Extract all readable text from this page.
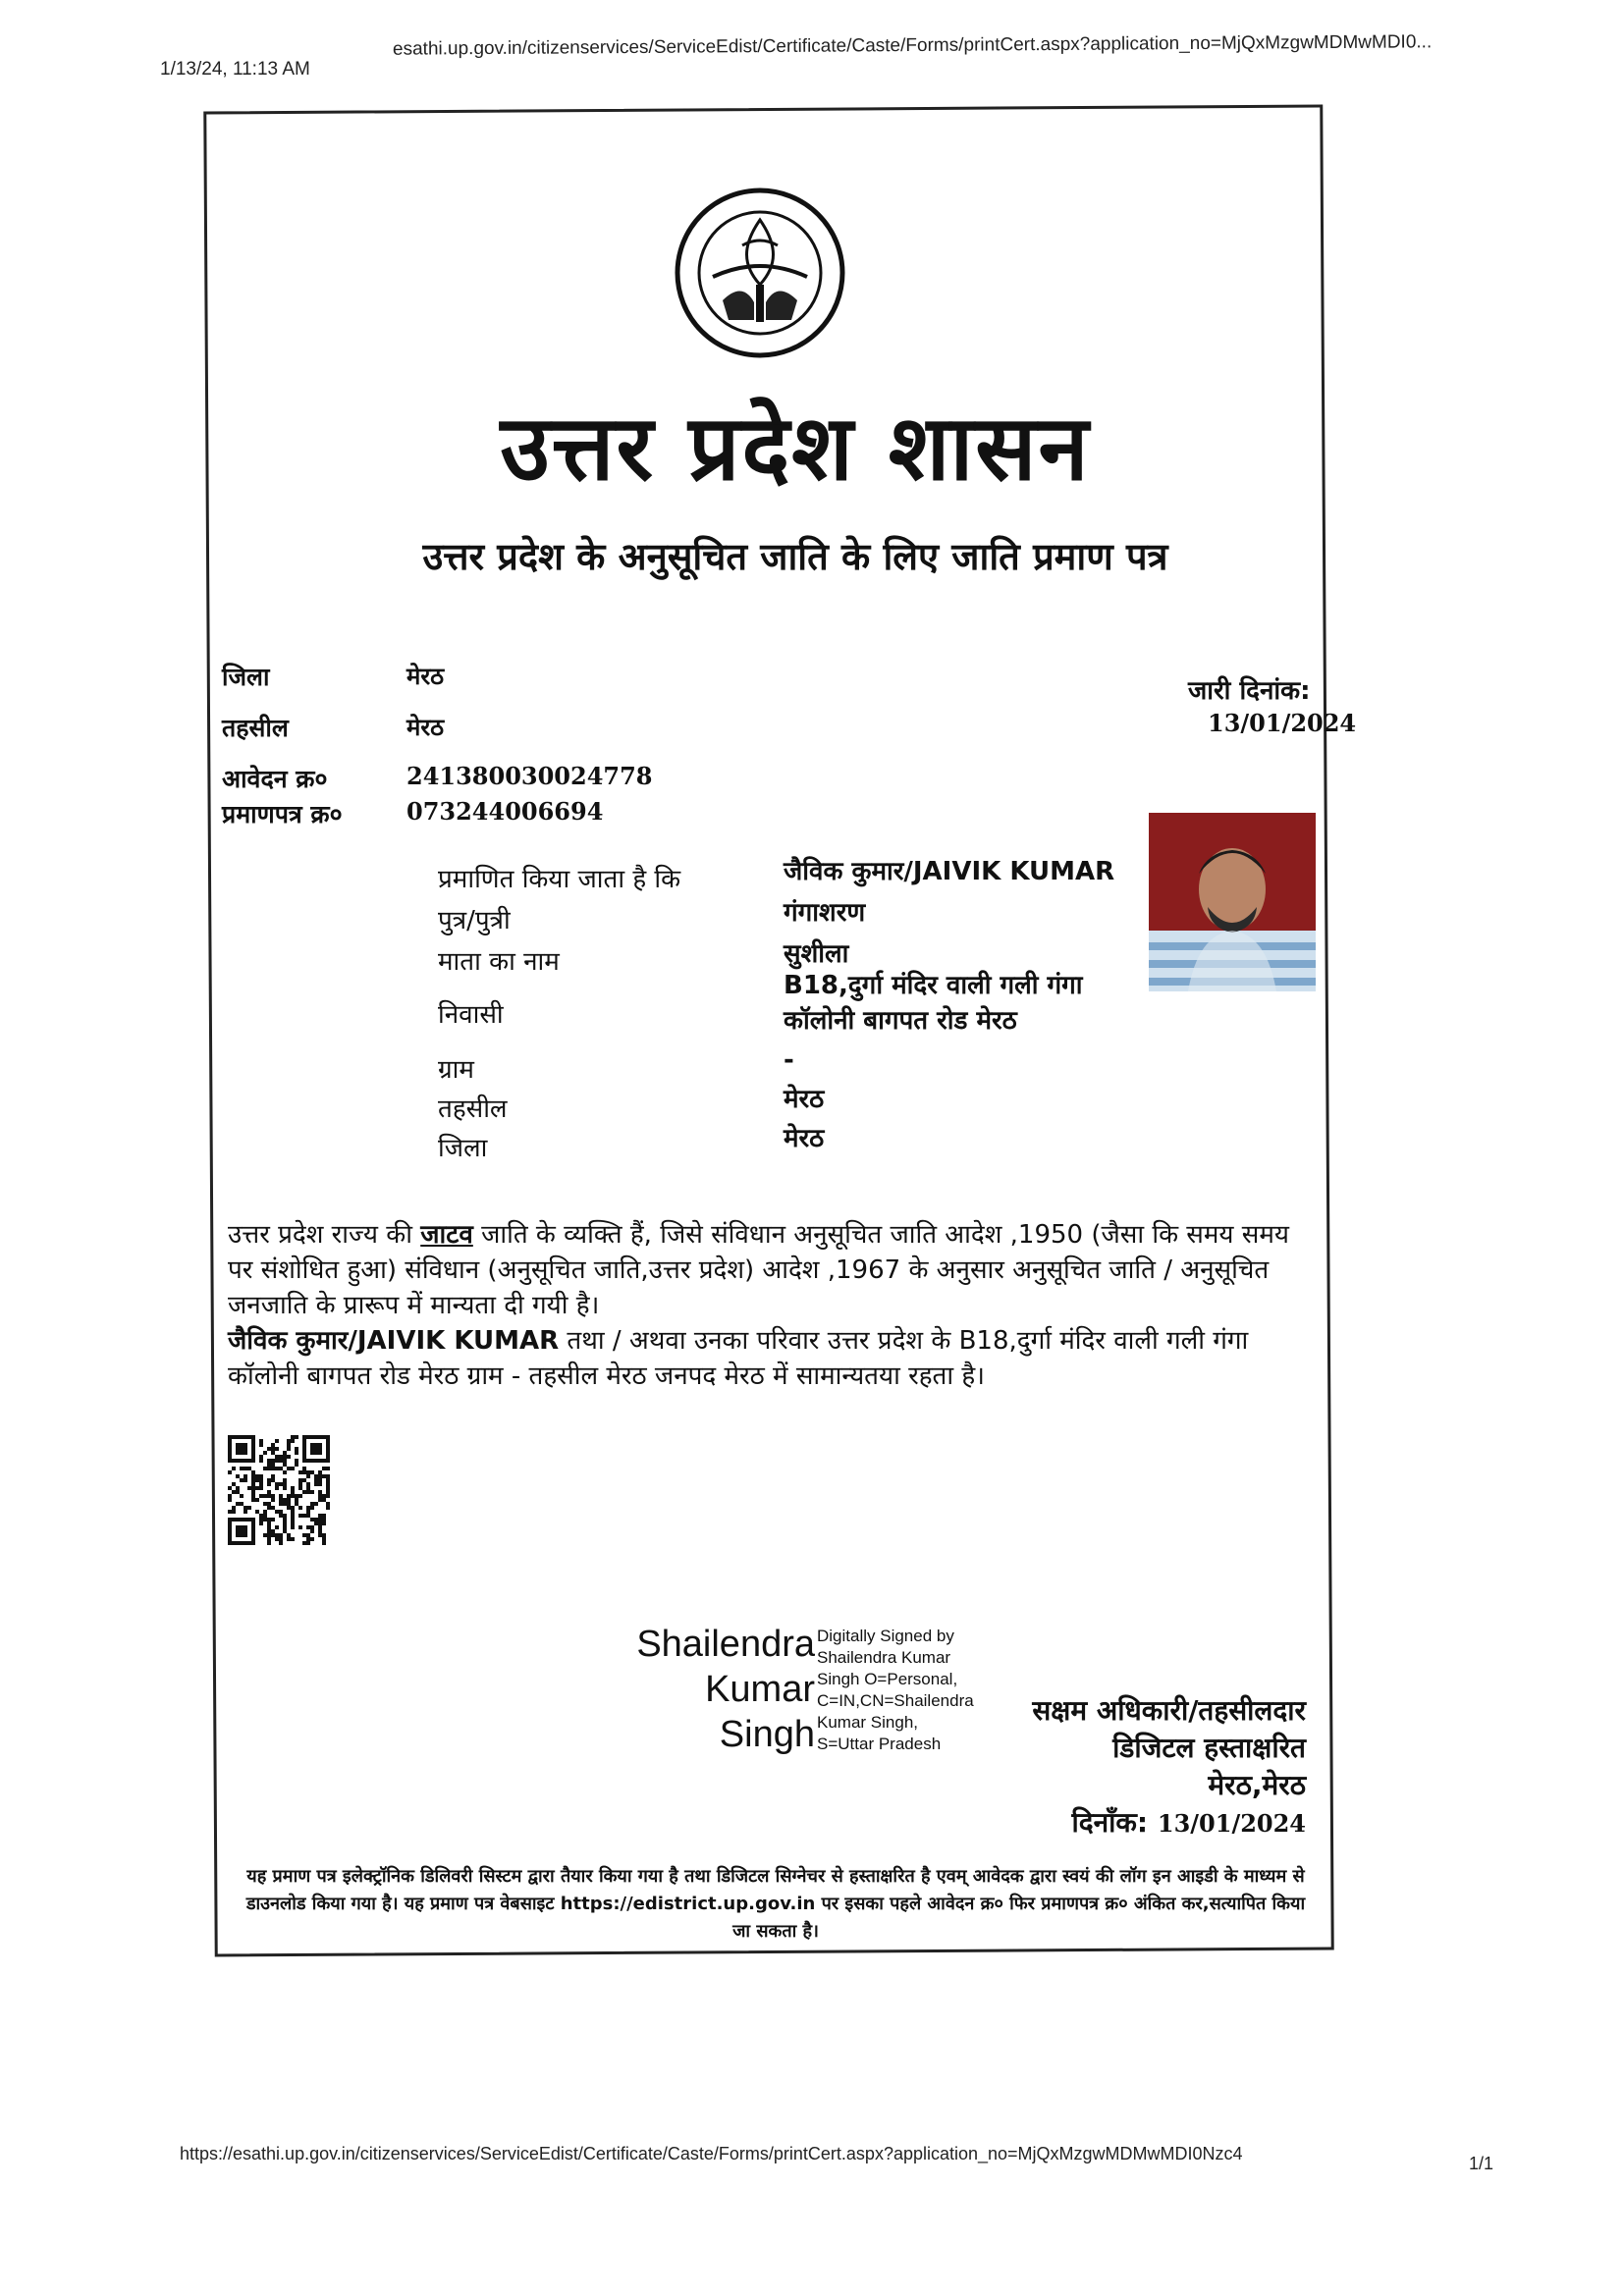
1/13/24, 11:13 AM
esathi.up.gov.in/citizenservices/ServiceEdist/Certificate/Caste/Forms/printCert.aspx?application_no=MjQxMzgwMDMwMDI0...
उत्तर प्रदेश शासन
उत्तर प्रदेश के अनुसूचित जाति के लिए जाति प्रमाण पत्र
जिला	मेरठ
तहसील	मेरठ
आवेदन क्र०	241380030024778
प्रमाणपत्र क्र०	073244006694
जारी दिनांक:
13/01/2024
प्रमाणित किया जाता है कि	जैविक कुमार/JAIVIK KUMAR
पुत्र/पुत्री	गंगाशरण
माता का नाम	सुशीला
निवासी
B18,दुर्गा मंदिर वाली गली गंगा कॉलोनी बागपत रोड मेरठ
ग्राम	-
तहसील	मेरठ
जिला	मेरठ
उत्तर प्रदेश राज्य की जाटव जाति के व्यक्ति हैं, जिसे संविधान अनुसूचित जाति आदेश ,1950 (जैसा कि समय समय पर संशोधित हुआ) संविधान (अनुसूचित जाति,उत्तर प्रदेश) आदेश ,1967 के अनुसार अनुसूचित जाति / अनुसूचित जनजाति के प्रारूप में मान्यता दी गयी है।
जैविक कुमार/JAIVIK KUMAR तथा / अथवा उनका परिवार उत्तर प्रदेश के B18,दुर्गा मंदिर वाली गली गंगा कॉलोनी बागपत रोड मेरठ ग्राम - तहसील मेरठ जनपद मेरठ में सामान्यतया रहता है।
Shailendra
Kumar
Singh
Digitally Signed by
Shailendra Kumar
Singh O=Personal,
C=IN,CN=Shailendra
Kumar Singh,
S=Uttar Pradesh
सक्षम अधिकारी/तहसीलदार
डिजिटल हस्ताक्षरित
मेरठ,मेरठ
दिनाँक: 13/01/2024
यह प्रमाण पत्र इलेक्ट्रॉनिक डिलिवरी सिस्टम द्वारा तैयार किया गया है तथा डिजिटल सिग्नेचर से हस्ताक्षरित है एवम् आवेदक द्वारा स्वयं की लॉग इन आइडी के माध्यम से डाउनलोड किया गया है। यह प्रमाण पत्र वेबसाइट https://edistrict.up.gov.in पर इसका पहले आवेदन क्र० फिर प्रमाणपत्र क्र० अंकित कर,सत्यापित किया जा सकता है।
https://esathi.up.gov.in/citizenservices/ServiceEdist/Certificate/Caste/Forms/printCert.aspx?application_no=MjQxMzgwMDMwMDI0Nzc4	1/1
